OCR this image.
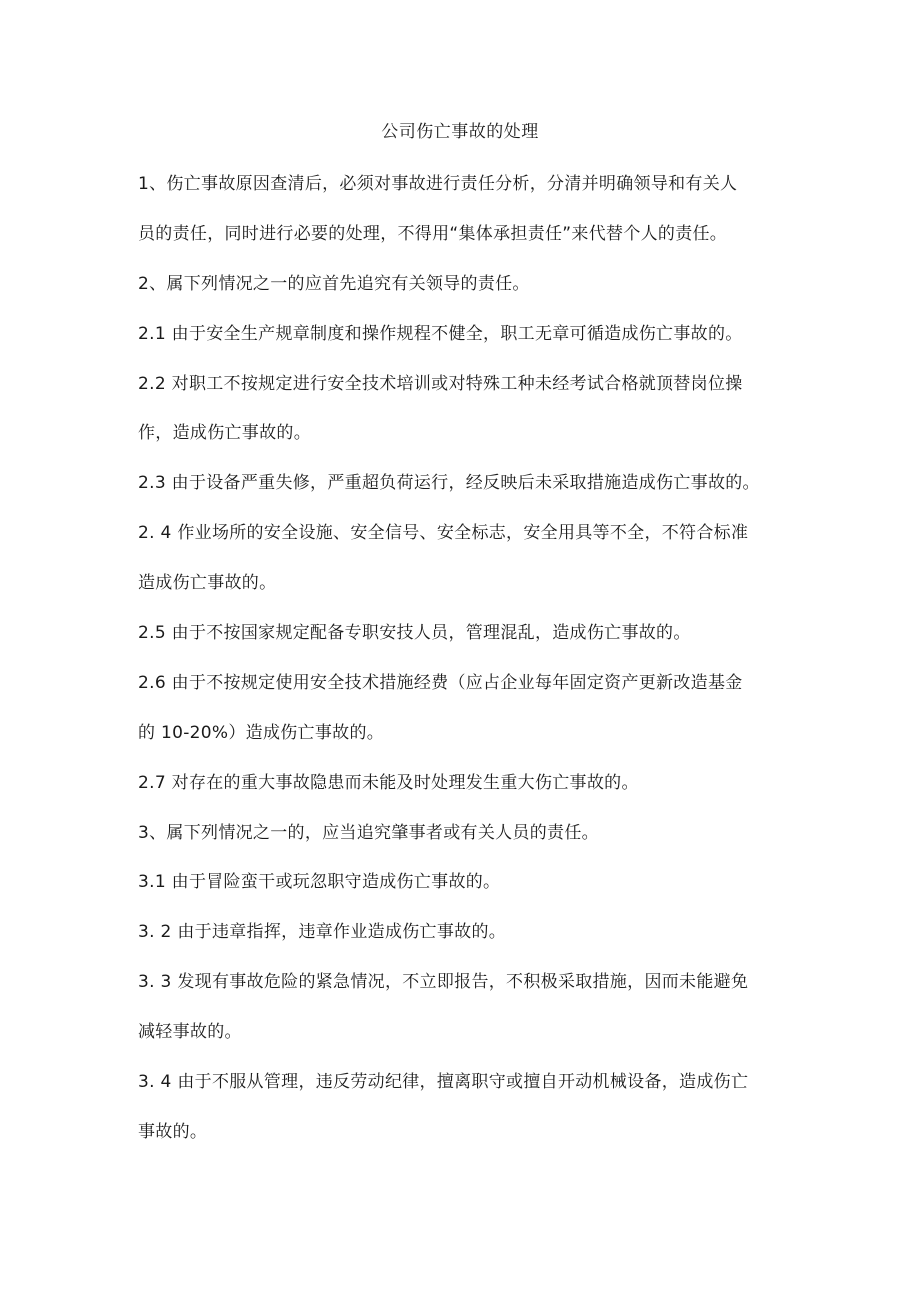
公司伤亡事故的处理
1、伤亡事故原因查清后，必须对事故进行责任分析，分清并明确领导和有关人
员的责任，同时进行必要的处理，不得用“集体承担责任”来代替个人的责任。
2、属下列情况之一的应首先追究有关领导的责任。
2.1 由于安全生产规章制度和操作规程不健全，职工无章可循造成伤亡事故的。
2.2 对职工不按规定进行安全技术培训或对特殊工种未经考试合格就顶替岗位操
作，造成伤亡事故的。
2.3 由于设备严重失修，严重超负荷运行，经反映后未采取措施造成伤亡事故的。
2. 4 作业场所的安全设施、安全信号、安全标志，安全用具等不全，不符合标准
造成伤亡事故的。
2.5 由于不按国家规定配备专职安技人员，管理混乱，造成伤亡事故的。
2.6 由于不按规定使用安全技术措施经费（应占企业每年固定资产更新改造基金
的 10-20%）造成伤亡事故的。
2.7 对存在的重大事故隐患而未能及时处理发生重大伤亡事故的。
3、属下列情况之一的，应当追究肇事者或有关人员的责任。
3.1 由于冒险蛮干或玩忽职守造成伤亡事故的。
3. 2 由于违章指挥，违章作业造成伤亡事故的。
3. 3 发现有事故危险的紧急情况，不立即报告，不积极采取措施，因而未能避免
减轻事故的。
3. 4 由于不服从管理，违反劳动纪律，擅离职守或擅自开动机械设备，造成伤亡
事故的。
